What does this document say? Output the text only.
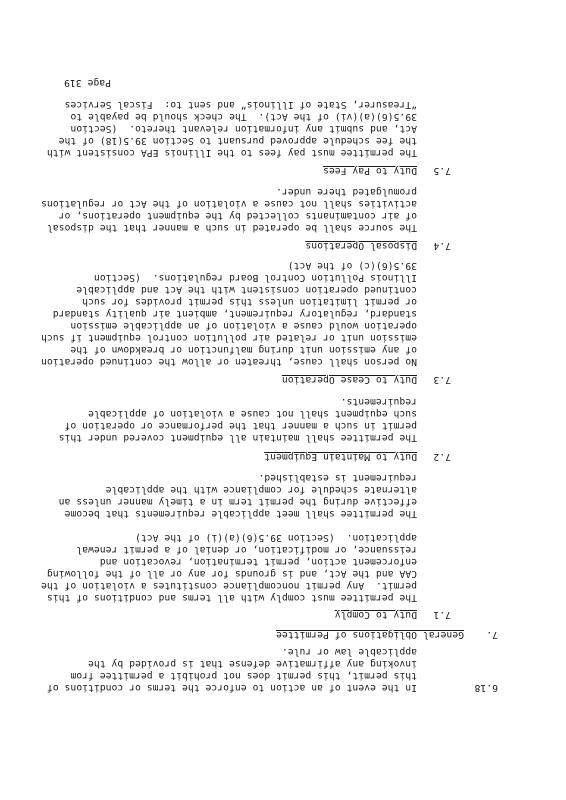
6.18
In the event of an action to enforce the terms or conditions of
this permit, this permit does not prohibit a permittee from
invoking any affirmative defense that is provided by the
applicable law or rule.
7.
General Obligations of Permittee
7.1
Duty to Comply
The permittee must comply with all terms and conditions of this
permit.  Any permit noncompliance constitutes a violation of the
CAA and the Act, and is grounds for any or all of the following
enforcement action, permit termination, revocation and
reissuance, or modification, or denial of a permit renewal
application.  (Section 39.5(6)(a)(i) of the Act)
The permittee shall meet applicable requirements that become
effective during the permit term in a timely manner unless an
alternate schedule for compliance with the applicable
requirement is established.
7.2
Duty to Maintain Equipment
The permittee shall maintain all equipment covered under this
permit in such a manner that the performance or operation of
such equipment shall not cause a violation of applicable
requirements.
7.3
Duty to Cease Operation
No person shall cause, threaten or allow the continued operation
of any emission unit during malfunction or breakdown of the
emission unit or related air pollution control equipment if such
operation would cause a violation of an applicable emission
standard, regulatory requirement, ambient air quality standard
or permit limitation unless this permit provides for such
continued operation consistent with the Act and applicable
Illinois Pollution Control Board regulations.  (Section
39.5(6)(c) of the Act)
7.4
Disposal Operations
The source shall be operated in such a manner that the disposal
of air contaminants collected by the equipment operations, or
activities shall not cause a violation of the Act or regulations
promulgated there under.
7.5
Duty to Pay Fees
The permittee must pay fees to the Illinois EPA consistent with
the fee schedule approved pursuant to Section 39.5(18) of the
Act, and submit any information relevant thereto.  (Section
39.5(6)(a)(vi) of the Act).  The check should be payable to
“Treasurer, State of Illinois” and sent to:  Fiscal Services
Page 319
